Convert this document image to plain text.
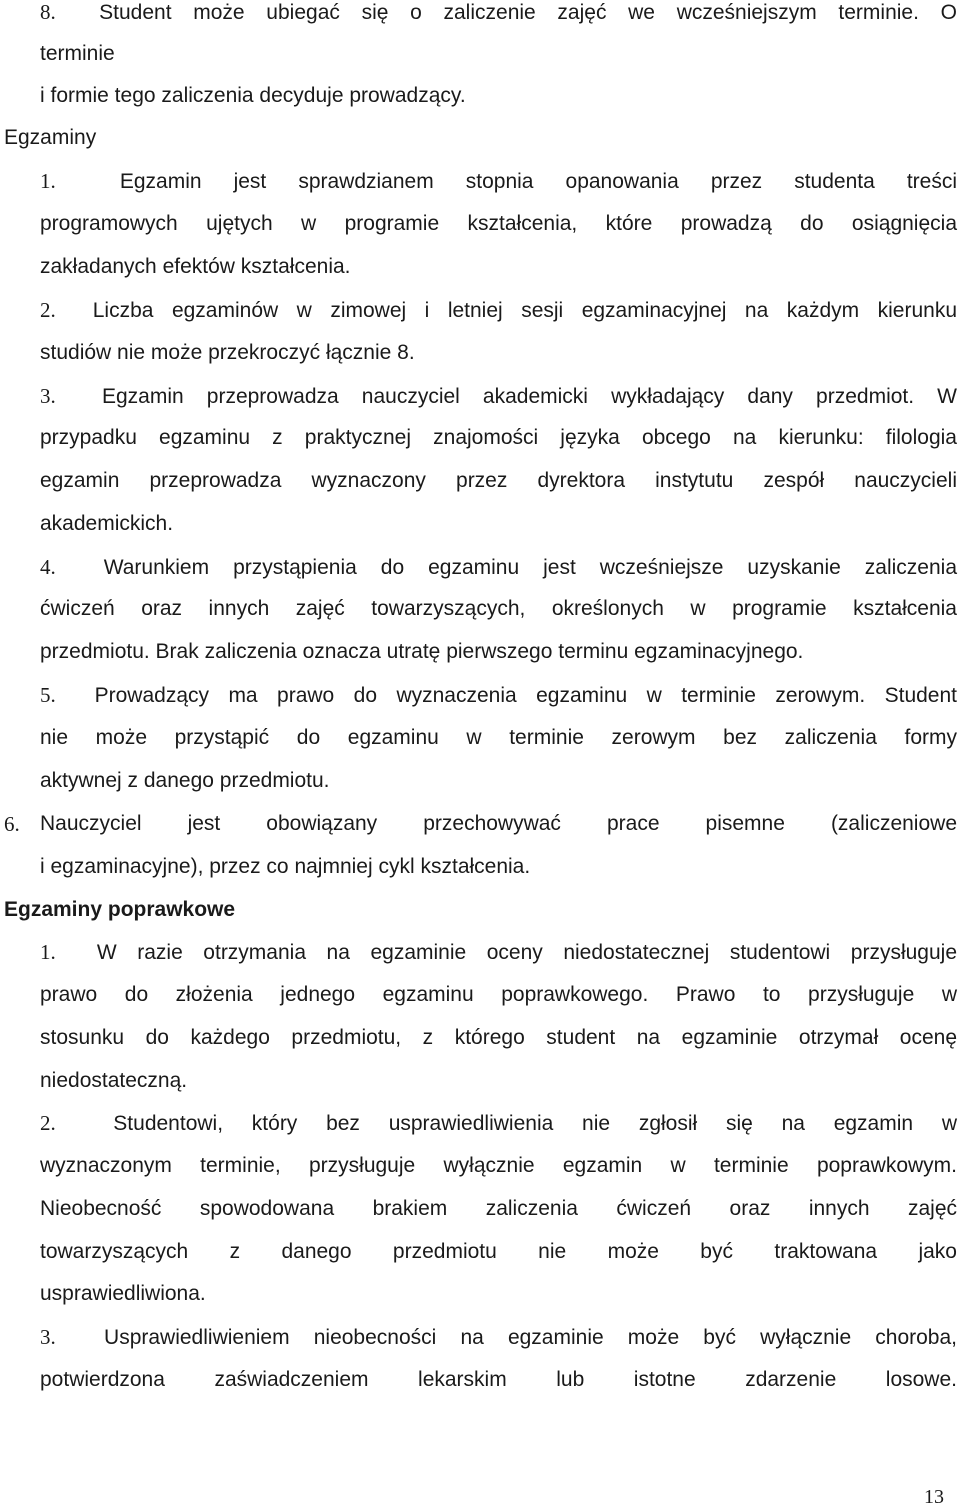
8. Student może ubiegać się o zaliczenie zajęć we wcześniejszym terminie. O
terminie
i formie tego zaliczenia decyduje prowadzący.
Egzaminy
1.	Egzamin jest sprawdzianem stopnia opanowania przez studenta treści
programowych ujętych w programie kształcenia, które prowadzą do osiągnięcia
zakładanych efektów kształcenia.
2. Liczba egzaminów w zimowej i letniej sesji egzaminacyjnej na każdym kierunku
studiów nie może przekroczyć łącznie 8.
3. Egzamin przeprowadza nauczyciel akademicki wykładający dany przedmiot. W
przypadku egzaminu z praktycznej znajomości języka obcego na kierunku: filologia
egzamin przeprowadza wyznaczony przez dyrektora instytutu zespół nauczycieli
akademickich.
4. Warunkiem przystąpienia do egzaminu jest wcześniejsze uzyskanie zaliczenia
ćwiczeń oraz innych zajęć towarzyszących, określonych w programie kształcenia
przedmiotu. Brak zaliczenia oznacza utratę pierwszego terminu egzaminacyjnego.
5. Prowadzący ma prawo do wyznaczenia egzaminu w terminie zerowym. Student
nie może przystąpić do egzaminu w terminie zerowym bez zaliczenia formy
aktywnej z danego przedmiotu.
6. Nauczyciel jest obowiązany przechowywać prace pisemne (zaliczeniowe
i egzaminacyjne), przez co najmniej cykl kształcenia.
Egzaminy poprawkowe
1. W razie otrzymania na egzaminie oceny niedostatecznej studentowi przysługuje
prawo do złożenia jednego egzaminu poprawkowego. Prawo to przysługuje w
stosunku do każdego przedmiotu, z którego student na egzaminie otrzymał ocenę
niedostateczną.
2.	Studentowi, który bez usprawiedliwienia nie zgłosił się na egzamin w
wyznaczonym terminie, przysługuje wyłącznie egzamin w terminie poprawkowym.
Nieobecność spowodowana brakiem zaliczenia ćwiczeń oraz innych zajęć
towarzyszących z danego przedmiotu nie może być traktowana jako
usprawiedliwiona.
3. Usprawiedliwieniem nieobecności na egzaminie może być wyłącznie choroba,
potwierdzona zaświadczeniem lekarskim lub istotne zdarzenie losowe.
13
